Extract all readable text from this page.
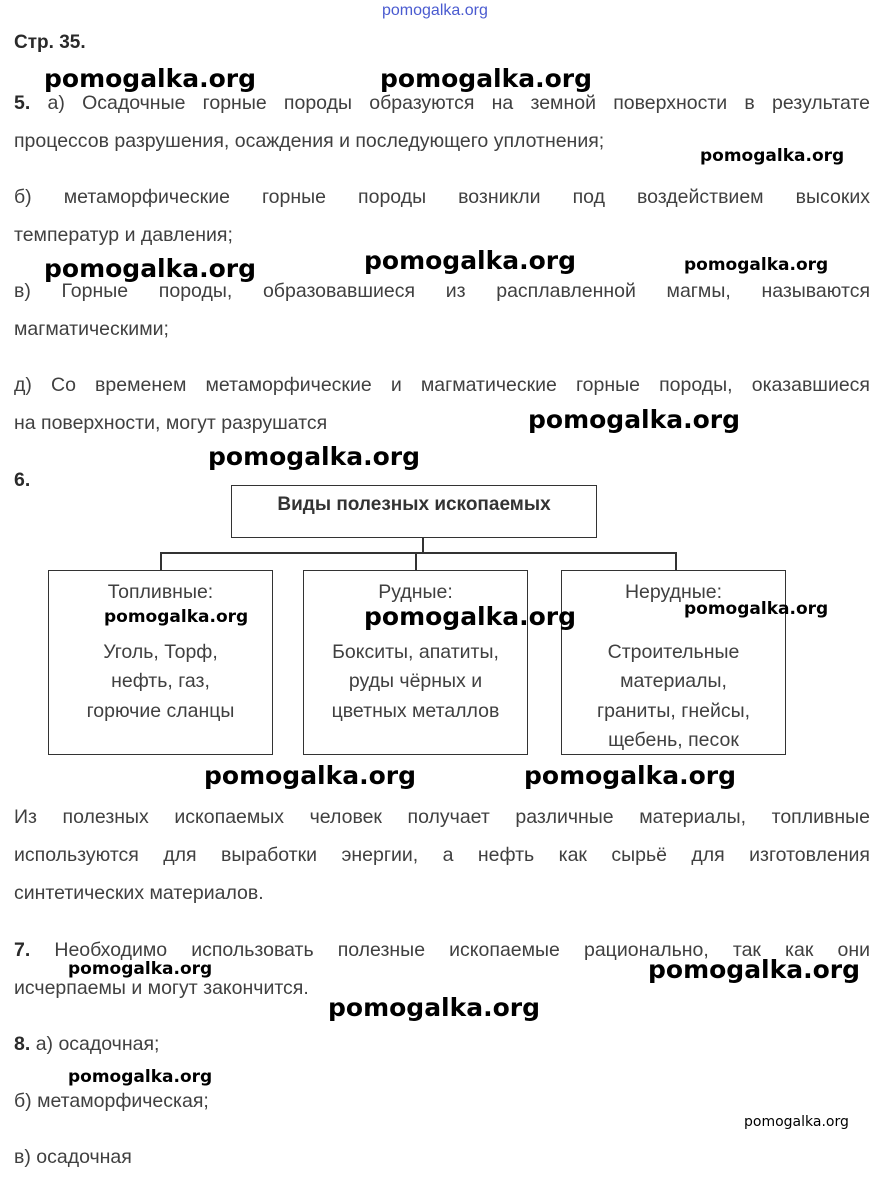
pomogalka.org
Стр. 35.
5. а) Осадочные горные породы образуются на земной поверхности в результате
процессов разрушения, осаждения и последующего уплотнения;
б) метаморфические горные породы возникли под воздействием высоких
температур и давления;
в) Горные породы, образовавшиеся из расплавленной магмы, называются
магматическими;
д) Со временем метаморфические и магматические горные породы, оказавшиеся
на поверхности, могут разрушатся
6.
Виды полезных ископаемых
Топливные:
Уголь, Торф,
нефть, газ,
горючие сланцы
Рудные:
Бокситы, апатиты,
руды чёрных и
цветных металлов
Нерудные:
Строительные
материалы,
граниты, гнейсы,
щебень, песок
Из полезных ископаемых человек получает различные материалы, топливные
используются для выработки энергии, а нефть как сырьё для изготовления
синтетических материалов.
7. Необходимо использовать полезные ископаемые рационально, так как они
исчерпаемы и могут закончится.
8. а) осадочная;
б) метаморфическая;
в) осадочная
pomogalka.org	pomogalka.org
pomogalka.org
pomogalka.org	pomogalka.org	pomogalka.org
pomogalka.org
pomogalka.org
pomogalka.org	pomogalka.org	pomogalka.org
pomogalka.org	pomogalka.org
pomogalka.org	pomogalka.org
pomogalka.org
pomogalka.org
pomogalka.org
